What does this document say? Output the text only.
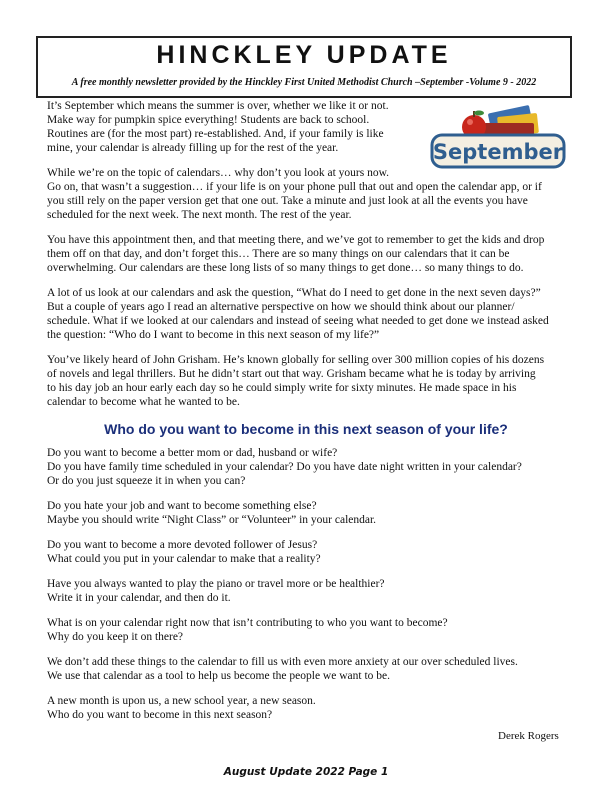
HINCKLEY UPDATE
A free monthly newsletter provided by the Hinckley First United Methodist Church –September -Volume 9 - 2022
September

It’s September which means the summer is over, whether we like it or not.
Make way for pumpkin spice everything! Students are back to school.
Routines are (for the most part) re-established. And, if your family is like
mine, your calendar is already filling up for the rest of the year.

While we’re on the topic of calendars… why don’t you look at yours now.
Go on, that wasn’t a suggestion… if your life is on your phone pull that out and open the calendar app, or if
you still rely on the paper version get that one out. Take a minute and just look at all the events you have
scheduled for the next week. The next month. The rest of the year.

You have this appointment then, and that meeting there, and we’ve got to remember to get the kids and drop
them off on that day, and don’t forget this… There are so many things on our calendars that it can be
overwhelming. Our calendars are these long lists of so many things to get done… so many things to do.

A lot of us look at our calendars and ask the question, “What do I need to get done in the next seven days?”
But a couple of years ago I read an alternative perspective on how we should think about our planner/
schedule. What if we looked at our calendars and instead of seeing what needed to get done we instead asked
the question: “Who do I want to become in this next season of my life?”

You’ve likely heard of John Grisham. He’s known globally for selling over 300 million copies of his dozens
of novels and legal thrillers. But he didn’t start out that way. Grisham became what he is today by arriving
to his day job an hour early each day so he could simply write for sixty minutes. He made space in his
calendar to become what he wanted to be.

Who do you want to become in this next season of your life?

Do you want to become a better mom or dad, husband or wife?
Do you have family time scheduled in your calendar? Do you have date night written in your calendar?
Or do you just squeeze it in when you can?

Do you hate your job and want to become something else?
Maybe you should write “Night Class” or “Volunteer” in your calendar.

Do you want to become a more devoted follower of Jesus?
What could you put in your calendar to make that a reality?

Have you always wanted to play the piano or travel more or be healthier?
Write it in your calendar, and then do it.

What is on your calendar right now that isn’t contributing to who you want to become?
Why do you keep it on there?

We don’t add these things to the calendar to fill us with even more anxiety at our over scheduled lives.
We use that calendar as a tool to help us become the people we want to be.

A new month is upon us, a new school year, a new season.
Who do you want to become in this next season?

Derek Rogers
August Update 2022 Page 1
